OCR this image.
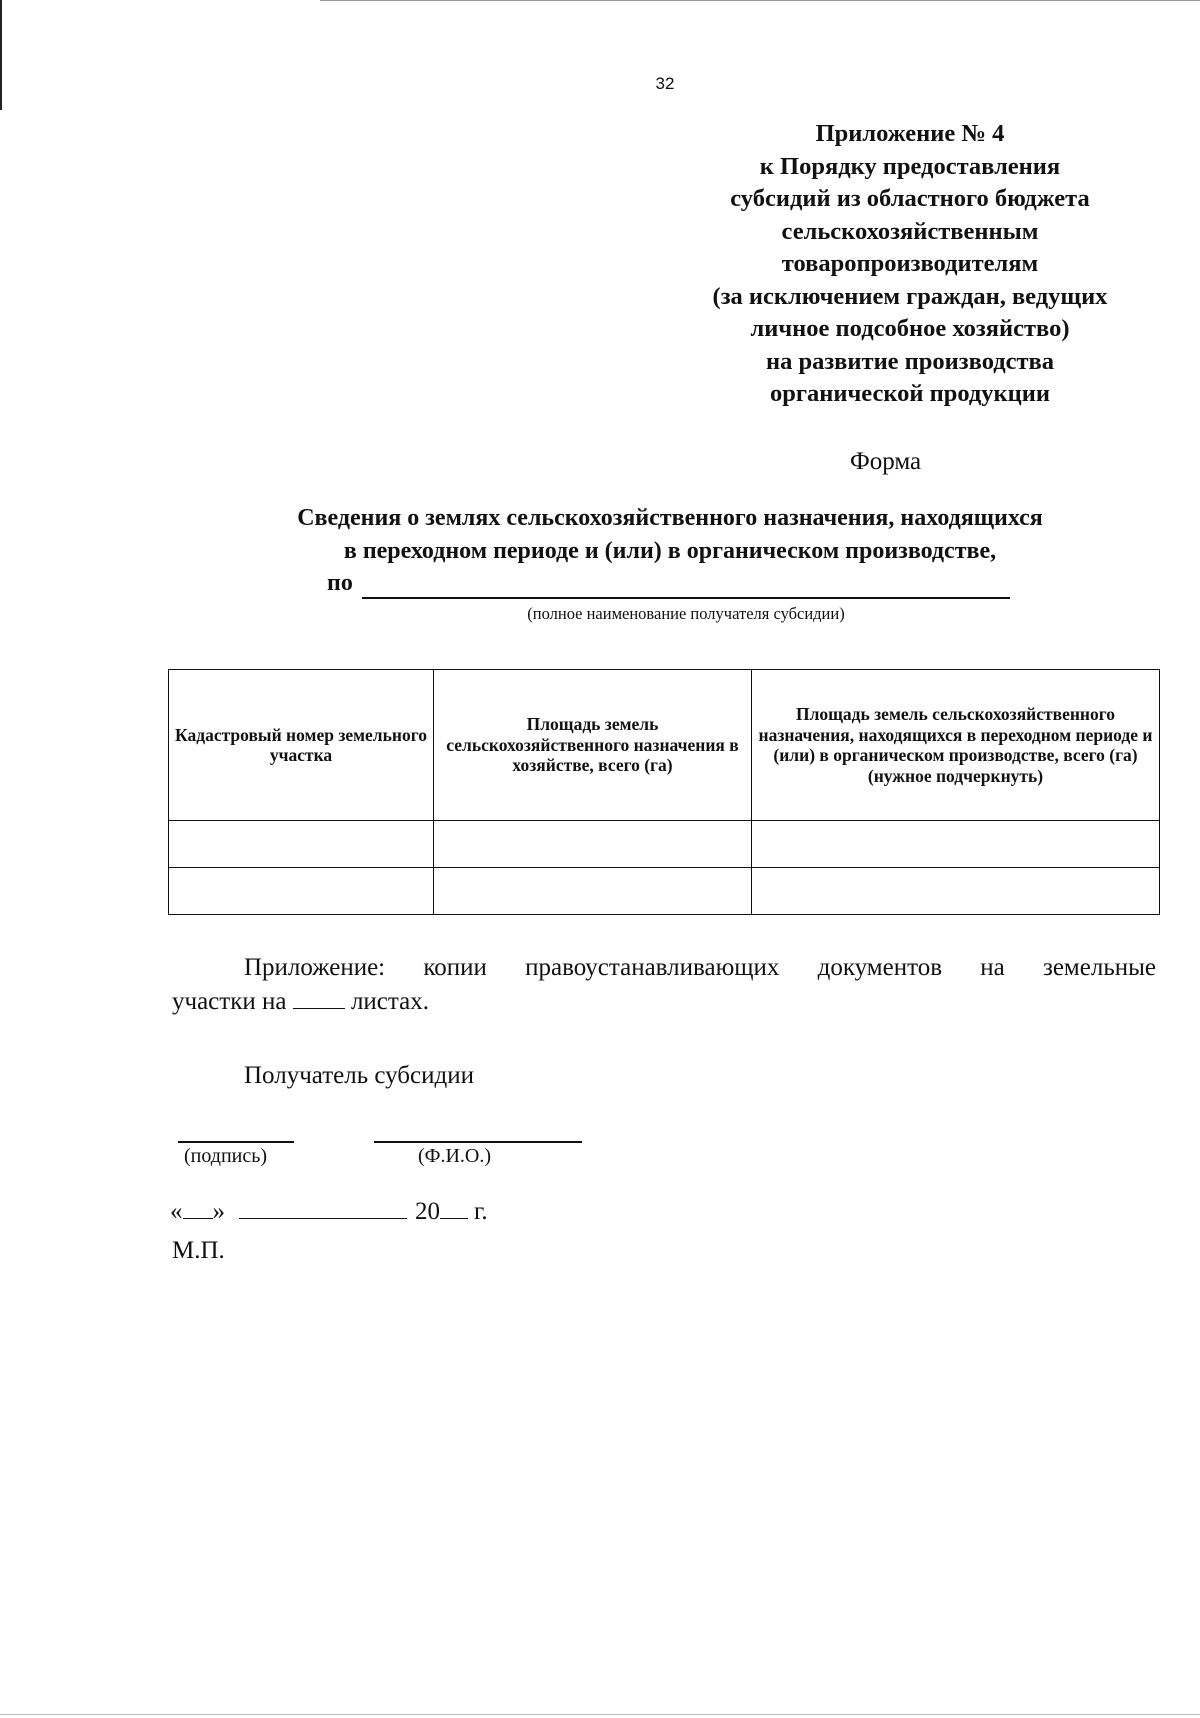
32
Приложение № 4
к Порядку предоставления
субсидий из областного бюджета
сельскохозяйственным
товаропроизводителям
(за исключением граждан, ведущих
личное подсобное хозяйство)
на развитие производства
органической продукции
Форма
Сведения о землях сельскохозяйственного назначения, находящихся
в переходном периоде и (или) в органическом производстве,
по
(полное наименование получателя субсидии)
Кадастровый номер земельного участка	Площадь земель сельскохозяйственного назначения в хозяйстве, всего (га)	Площадь земель сельскохозяйственного назначения, находящихся в переходном периоде и (или) в органическом производстве, всего (га) (нужное подчеркнуть)

Приложение: копии правоустанавливающих документов на земельные
участки на	листах.
Получатель субсидии
(подпись)	(Ф.И.О.)
« »	20 г.
М.П.
